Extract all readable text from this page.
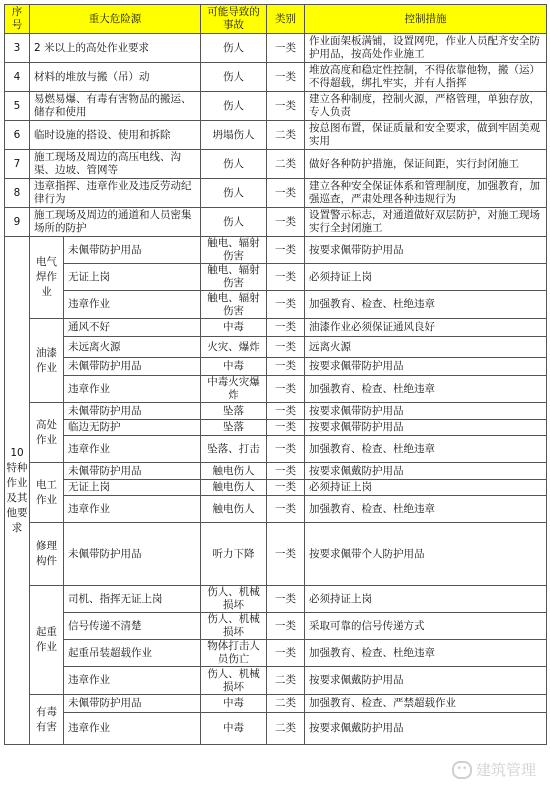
序号	重大危险源		可能导致的事故	类别	控制措施
3	2 米以上的高处作业要求		伤人	一类	作业面架板满铺，设置网兜，作业人员配齐安全防护用品，按高处作业施工
4	材料的堆放与搬（吊）动		伤人	一类	堆放高度和稳定性控制，不得依靠他物，搬（运）不得超载，绑扎牢实，并有人指挥
5	易燃易爆、有毒有害物品的搬运、储存和使用		伤人	一类	建立各种制度，控制火源，严格管理，单独存放，专人负责
6	临时设施的搭设、使用和拆除		坍塌伤人	二类	按总图布置，保证质量和安全要求，做到牢固美观实用
7	施工现场及周边的高压电线、沟渠、边坡、管网等		伤人	二类	做好各种防护措施，保证间距，实行封闭施工
8	违章指挥、违章作业及违反劳动纪律行为		伤人	一类	建立各种安全保证体系和管理制度，加强教育，加强巡查，严肃处理各种违规行为
9	施工现场及周边的通道和人员密集场所的防护		伤人	一类	设置警示标志，对通道做好双层防护，对施工现场实行全封闭施工
10特种作业及其他要求	电气焊作业	未佩带防护用品	触电、辐射伤害	一类	按要求佩带防护用品
		无证上岗	触电、辐射伤害	一类	必须持证上岗
		违章作业	触电、辐射伤害	一类	加强教育、检查、杜绝违章
	油漆作业	通风不好	中毒	一类	油漆作业必须保证通风良好
		未远离火源	火灾、爆炸	一类	远离火源
		未佩带防护用品	中毒	一类	按要求佩带防护用品
		违章作业	中毒火灾爆炸	一类	加强教育、检查、杜绝违章
	高处作业	未佩带防护用品	坠落	一类	按要求佩带防护用品
		临边无防护	坠落	一类	按要求佩带防护用品
		违章作业	坠落、打击	一类	加强教育、检查、杜绝违章
	电工作业	未佩带防护用品	触电伤人	一类	按要求佩戴防护用品
		无证上岗	触电伤人	一类	必须持证上岗
		违章作业	触电伤人	一类	加强教育、检查、杜绝违章
	修理构件	未佩带防护用品	听力下降	一类	按要求佩带个人防护用品
	起重作业	司机、指挥无证上岗	伤人、机械损坏	一类	必须持证上岗
		信号传递不清楚	伤人、机械损坏	一类	采取可靠的信号传递方式
		起重吊装超载作业	物体打击人员伤亡	一类	加强教育、检查、杜绝违章
		违章作业	伤人、机械损坏	二类	按要求佩戴防护用品
	有毒有害	未佩带防护用品	中毒	二类	加强教育、检查、严禁超载作业
		违章作业	中毒	二类	按要求佩戴防护用品
•• 建筑管理
